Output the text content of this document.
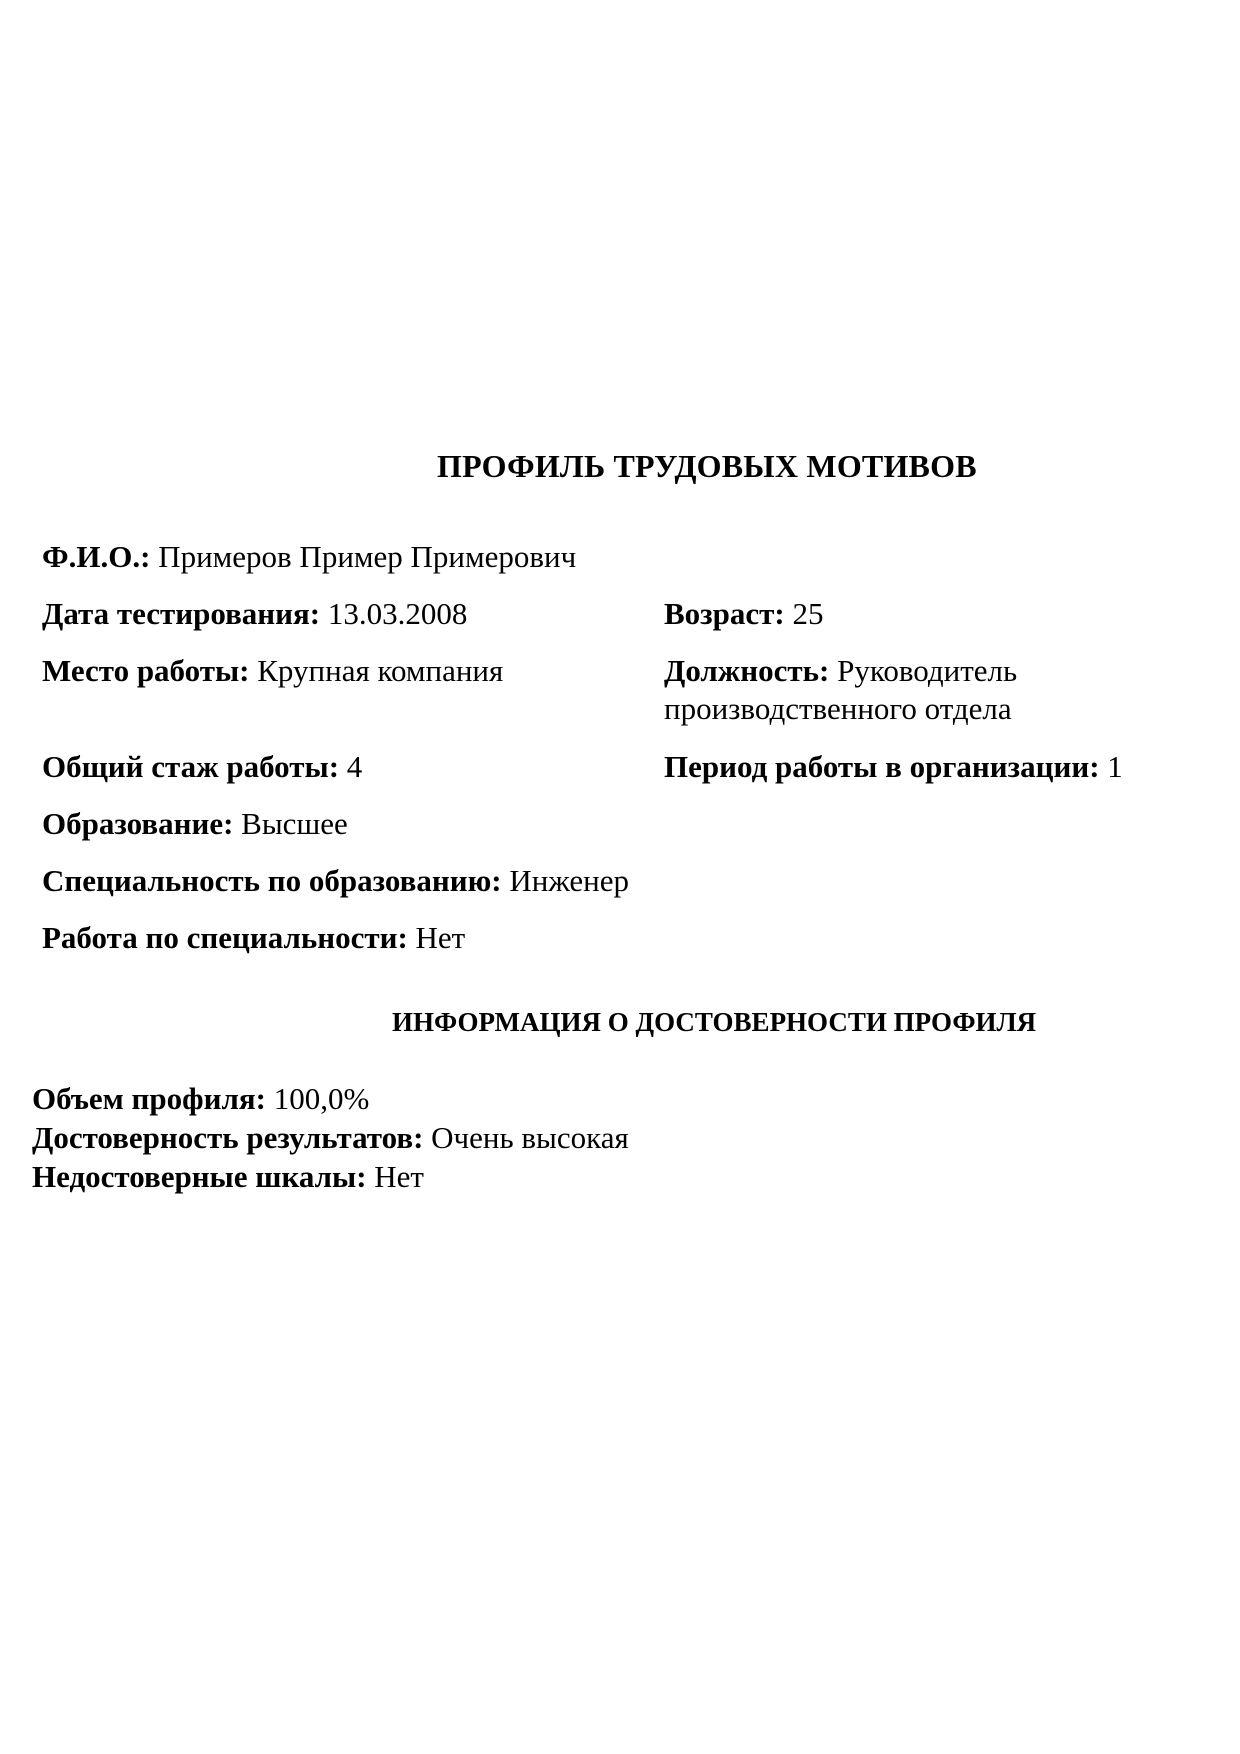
ПРОФИЛЬ ТРУДОВЫХ МОТИВОВ
Ф.И.О.: Примеров Пример Примерович
Дата тестирования: 13.03.2008	Возраст: 25
Место работы: Крупная компания	Должность: Руководитель производственного отдела
Общий стаж работы: 4	Период работы в организации: 1
Образование: Высшее
Специальность по образованию: Инженер
Работа по специальности: Нет
ИНФОРМАЦИЯ О ДОСТОВЕРНОСТИ ПРОФИЛЯ
Объем профиля: 100,0%
Достоверность результатов: Очень высокая
Недостоверные шкалы: Нет
